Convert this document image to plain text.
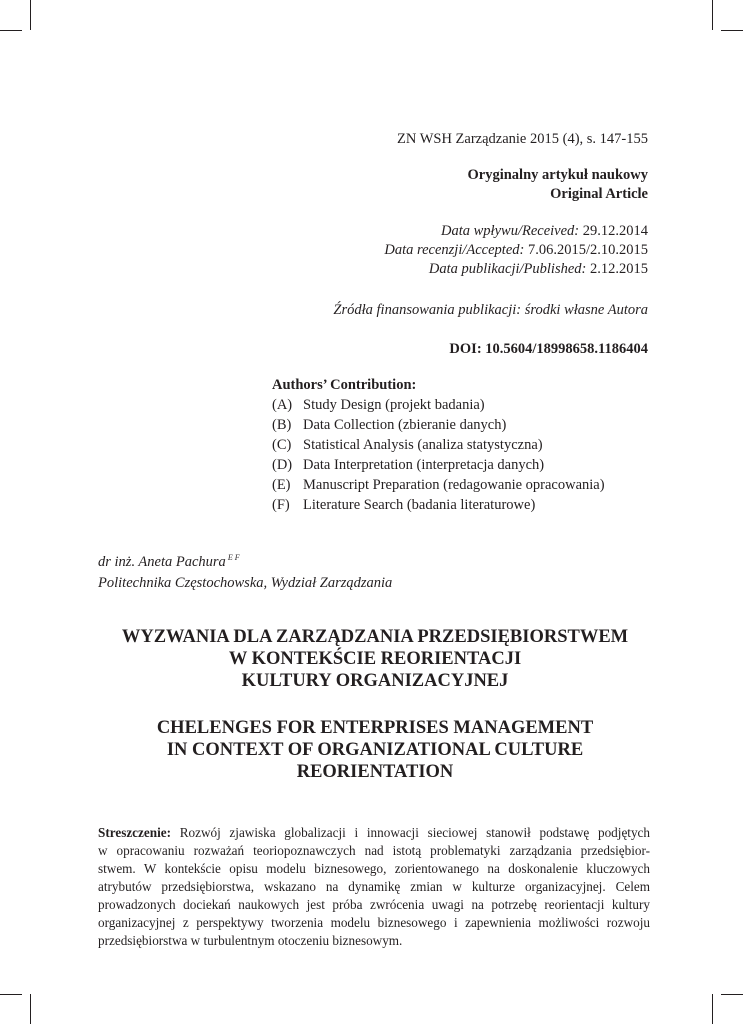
ZN WSH Zarządzanie 2015 (4), s. 147-155
Oryginalny artykuł naukowy
Original Article
Data wpływu/Received: 29.12.2014
Data recenzji/Accepted: 7.06.2015/2.10.2015
Data publikacji/Published: 2.12.2015
Źródła finansowania publikacji: środki własne Autora
DOI: 10.5604/18998658.1186404
Authors’ Contribution:
(A) Study Design (projekt badania)
(B) Data Collection (zbieranie danych)
(C) Statistical Analysis (analiza statystyczna)
(D) Data Interpretation (interpretacja danych)
(E) Manuscript Preparation (redagowanie opracowania)
(F) Literature Search (badania literaturowe)
dr inż. Aneta Pachura $^{E F}$
Politechnika Częstochowska, Wydział Zarządzania
WYZWANIA DLA ZARZĄDZANIA PRZEDSIĘBIORSTWEM
W KONTEKŚCIE REORIENTACJI
KULTURY ORGANIZACYJNEJ
CHELENGES FOR ENTERPRISES MANAGEMENT
IN CONTEXT OF ORGANIZATIONAL CULTURE
REORIENTATION
Streszczenie: Rozwój zjawiska globalizacji i innowacji sieciowej stanowił podstawę podjętych
w opracowaniu rozważań teoriopoznawczych nad istotą problematyki zarządzania przedsiębior-
stwem. W kontekście opisu modelu biznesowego, zorientowanego na doskonalenie kluczowych
atrybutów przedsiębiorstwa, wskazano na dynamikę zmian w kulturze organizacyjnej. Celem
prowadzonych dociekań naukowych jest próba zwrócenia uwagi na potrzebę reorientacji kultury
organizacyjnej z perspektywy tworzenia modelu biznesowego i zapewnienia możliwości rozwoju
przedsiębiorstwa w turbulentnym otoczeniu biznesowym.
